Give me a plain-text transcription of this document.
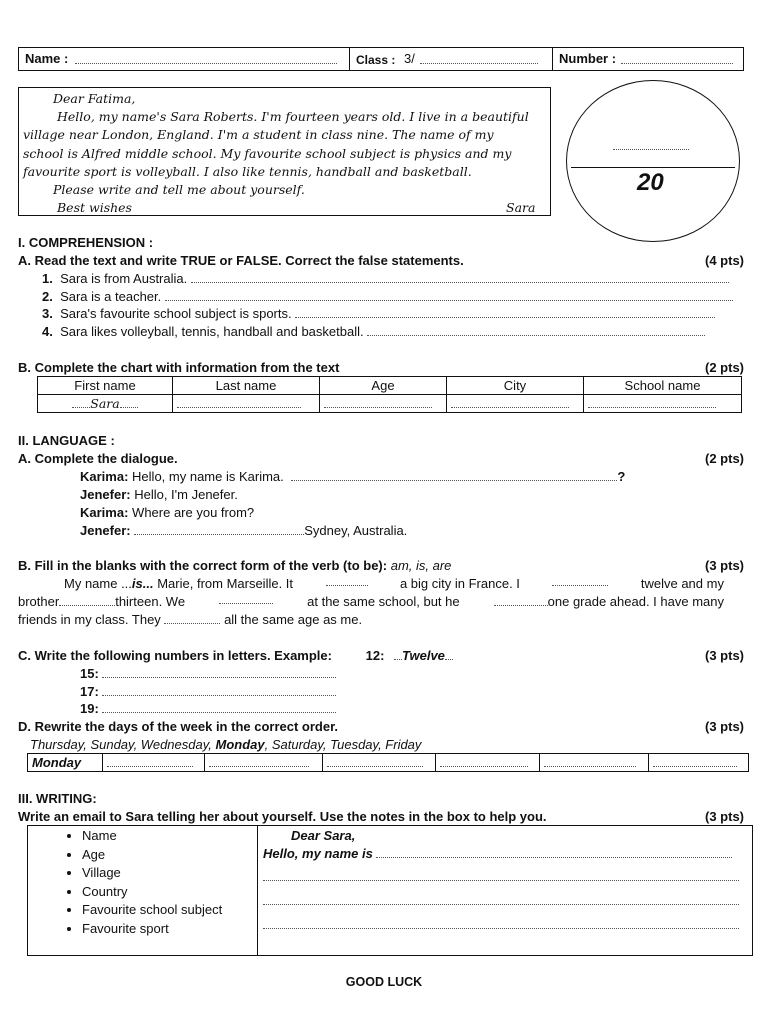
Name :	Class : 3/	Number :
Dear Fatima,
Hello, my name's Sara Roberts. I'm fourteen years old. I live in a beautiful
village near London, England. I'm a student in class nine. The name of my
school is Alfred middle school. My favourite school subject is physics and my
favourite sport is volleyball. I also like tennis, handball and basketball.
Please write and tell me about yourself.
Best wishes	Sara
20
I. COMPREHENSION :
A. Read the text and write TRUE or FALSE. Correct the false statements.	(4 pts)
1. Sara is from Australia.
2. Sara is a teacher.
3. Sara's favourite school subject is sports.
4. Sara likes volleyball, tennis, handball and basketball.
B. Complete the chart with information from the text	(2 pts)
First name	Last name	Age	City	School name
Sara				
II. LANGUAGE :
A. Complete the dialogue.	(2 pts)
Karima: Hello, my name is Karima.	?
Jenefer: Hello, I'm Jenefer.
Karima: Where are you from?
Jenefer:	Sydney, Australia.
B. Fill in the blanks with the correct form of the verb (to be): am, is, are	(3 pts)
My name ...is... Marie, from Marseille. It	a big city in France. I	twelve and my
brother	thirteen. We	at the same school, but he	one grade ahead. I have many
friends in my class. They	all the same age as me.
C. Write the following numbers in letters. Example:	12: Twelve	(3 pts)
15:
17:
19:
D. Rewrite the days of the week in the correct order.	(3 pts)
Thursday, Sunday, Wednesday, Monday, Saturday, Tuesday, Friday
Monday						
III. WRITING:
Write an email to Sara telling her about yourself. Use the notes in the box to help you.	(3 pts)
• Name
• Age
• Village
• Country
• Favourite school subject
• Favourite sport
Dear Sara,
Hello, my name is
GOOD LUCK
